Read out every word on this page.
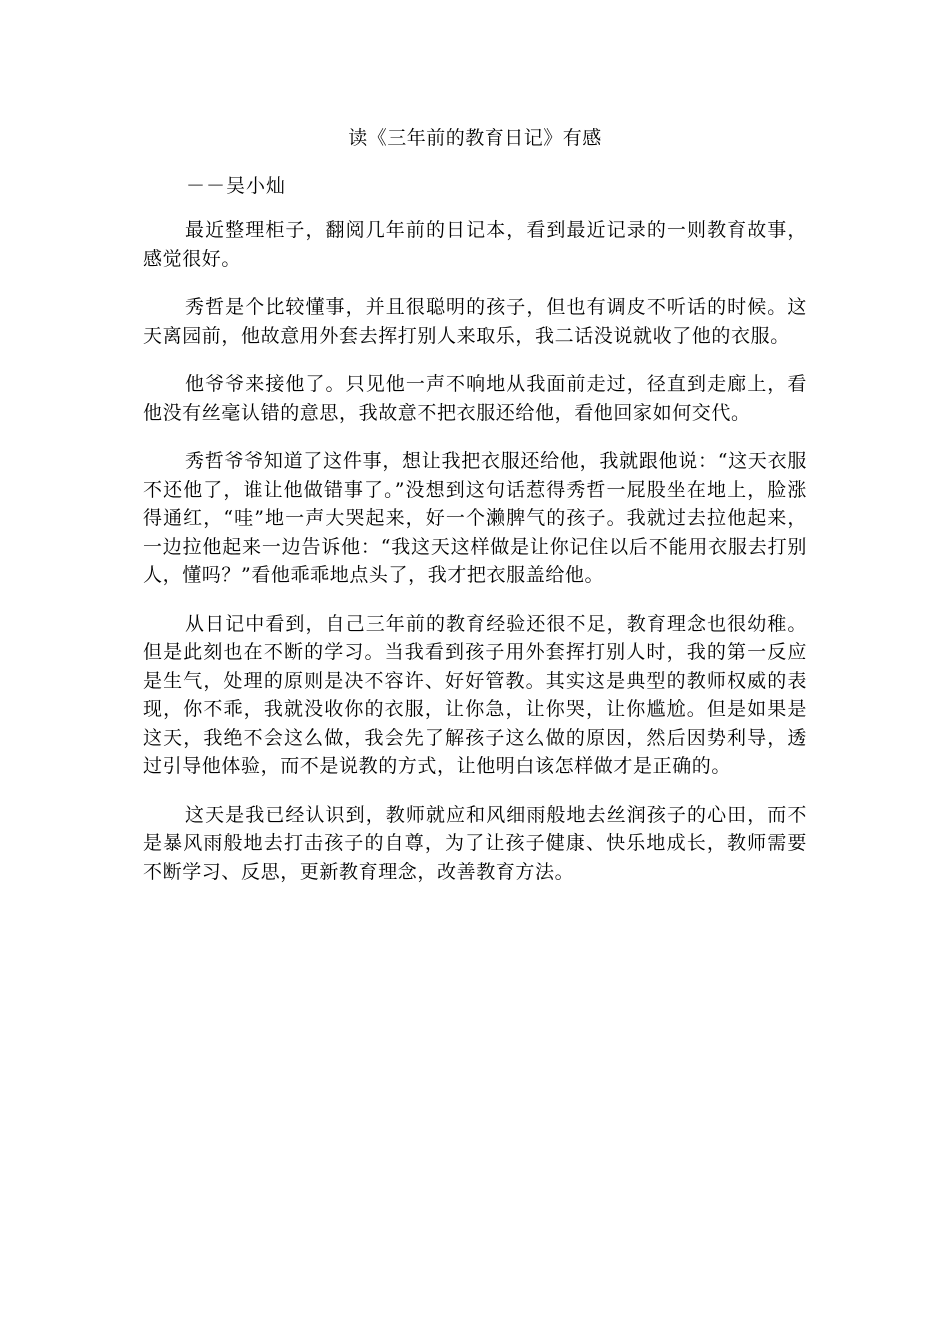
读《三年前的教育日记》有感
－－吴小灿

最近整理柜子，翻阅几年前的日记本，看到最近记录的一则教育故事，感觉很好。

秀哲是个比较懂事，并且很聪明的孩子，但也有调皮不听话的时候。这天离园前，他故意用外套去挥打别人来取乐，我二话没说就收了他的衣服。

他爷爷来接他了。只见他一声不响地从我面前走过，径直到走廊上，看他没有丝毫认错的意思，我故意不把衣服还给他，看他回家如何交代。

秀哲爷爷知道了这件事，想让我把衣服还给他，我就跟他说：“这天衣服不还他了，谁让他做错事了。”没想到这句话惹得秀哲一屁股坐在地上，脸涨得通红，“哇”地一声大哭起来，好一个濑脾气的孩子。我就过去拉他起来，一边拉他起来一边告诉他：“我这天这样做是让你记住以后不能用衣服去打别人，懂吗？”看他乖乖地点头了，我才把衣服盖给他。

从日记中看到，自己三年前的教育经验还很不足，教育理念也很幼稚。但是此刻也在不断的学习。当我看到孩子用外套挥打别人时，我的第一反应是生气，处理的原则是决不容许、好好管教。其实这是典型的教师权威的表现，你不乖，我就没收你的衣服，让你急，让你哭，让你尴尬。但是如果是这天，我绝不会这么做，我会先了解孩子这么做的原因，然后因势利导，透过引导他体验，而不是说教的方式，让他明白该怎样做才是正确的。

这天是我已经认识到，教师就应和风细雨般地去丝润孩子的心田，而不是暴风雨般地去打击孩子的自尊，为了让孩子健康、快乐地成长，教师需要不断学习、反思，更新教育理念，改善教育方法。
